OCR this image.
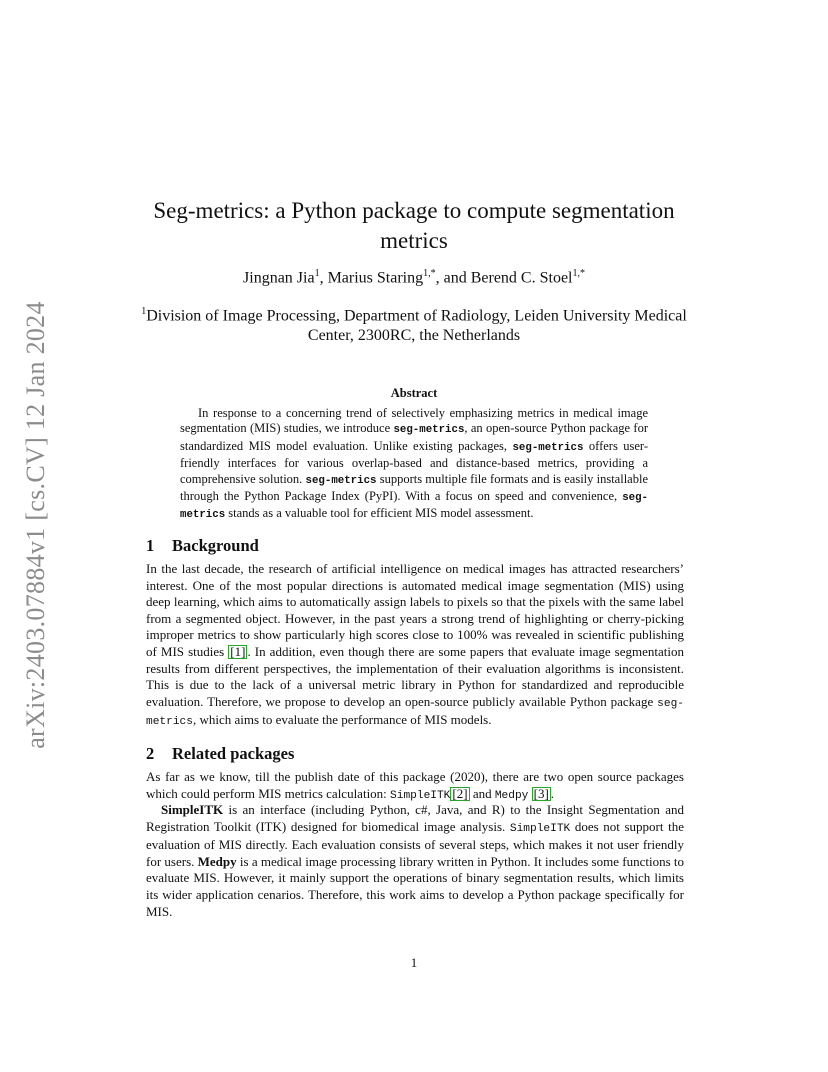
arXiv:2403.07884v1 [cs.CV] 12 Jan 2024
Seg-metrics: a Python package to compute segmentation metrics
Jingnan Jia$^1$, Marius Staring$^{1,*}$, and Berend C. Stoel$^{1,*}$
$^1$Division of Image Processing, Department of Radiology, Leiden University Medical Center, 2300RC, the Netherlands
Abstract

In response to a concerning trend of selectively emphasizing metrics in medical image segmentation (MIS) studies, we introduce seg-metrics, an open-source Python package for standardized MIS model evaluation. Unlike existing packages, seg-metrics offers user-friendly interfaces for various overlap-based and distance-based metrics, providing a comprehensive solution. seg-metrics supports multiple file formats and is easily installable through the Python Package Index (PyPI). With a focus on speed and convenience, seg-metrics stands as a valuable tool for efficient MIS model assessment.

1 Background

In the last decade, the research of artificial intelligence on medical images has attracted researchers’ interest. One of the most popular directions is automated medical image segmentation (MIS) using deep learning, which aims to automatically assign labels to pixels so that the pixels with the same label from a segmented object. However, in the past years a strong trend of highlighting or cherry-picking improper metrics to show particularly high scores close to 100% was revealed in scientific publishing of MIS studies [1] . In addition, even though there are some papers that evaluate image segmentation results from different perspectives, the implementation of their evaluation algorithms is inconsistent. This is due to the lack of a universal metric library in Python for standardized and reproducible evaluation. Therefore, we propose to develop an open-source publicly available Python package seg-metrics, which aims to evaluate the performance of MIS models.

2 Related packages

As far as we know, till the publish date of this package (2020), there are two open source packages which could perform MIS metrics calculation: SimpleITK [2] and Medpy [3] .

SimpleITK is an interface (including Python, c#, Java, and R) to the Insight Segmentation and Registration Toolkit (ITK) designed for biomedical image analysis. SimpleITK does not support the evaluation of MIS directly. Each evaluation consists of several steps, which makes it not user friendly for users. Medpy is a medical image processing library written in Python. It includes some functions to evaluate MIS. However, it mainly support the operations of binary segmentation results, which limits its wider application cenarios. Therefore, this work aims to develop a Python package specifically for MIS.

1
